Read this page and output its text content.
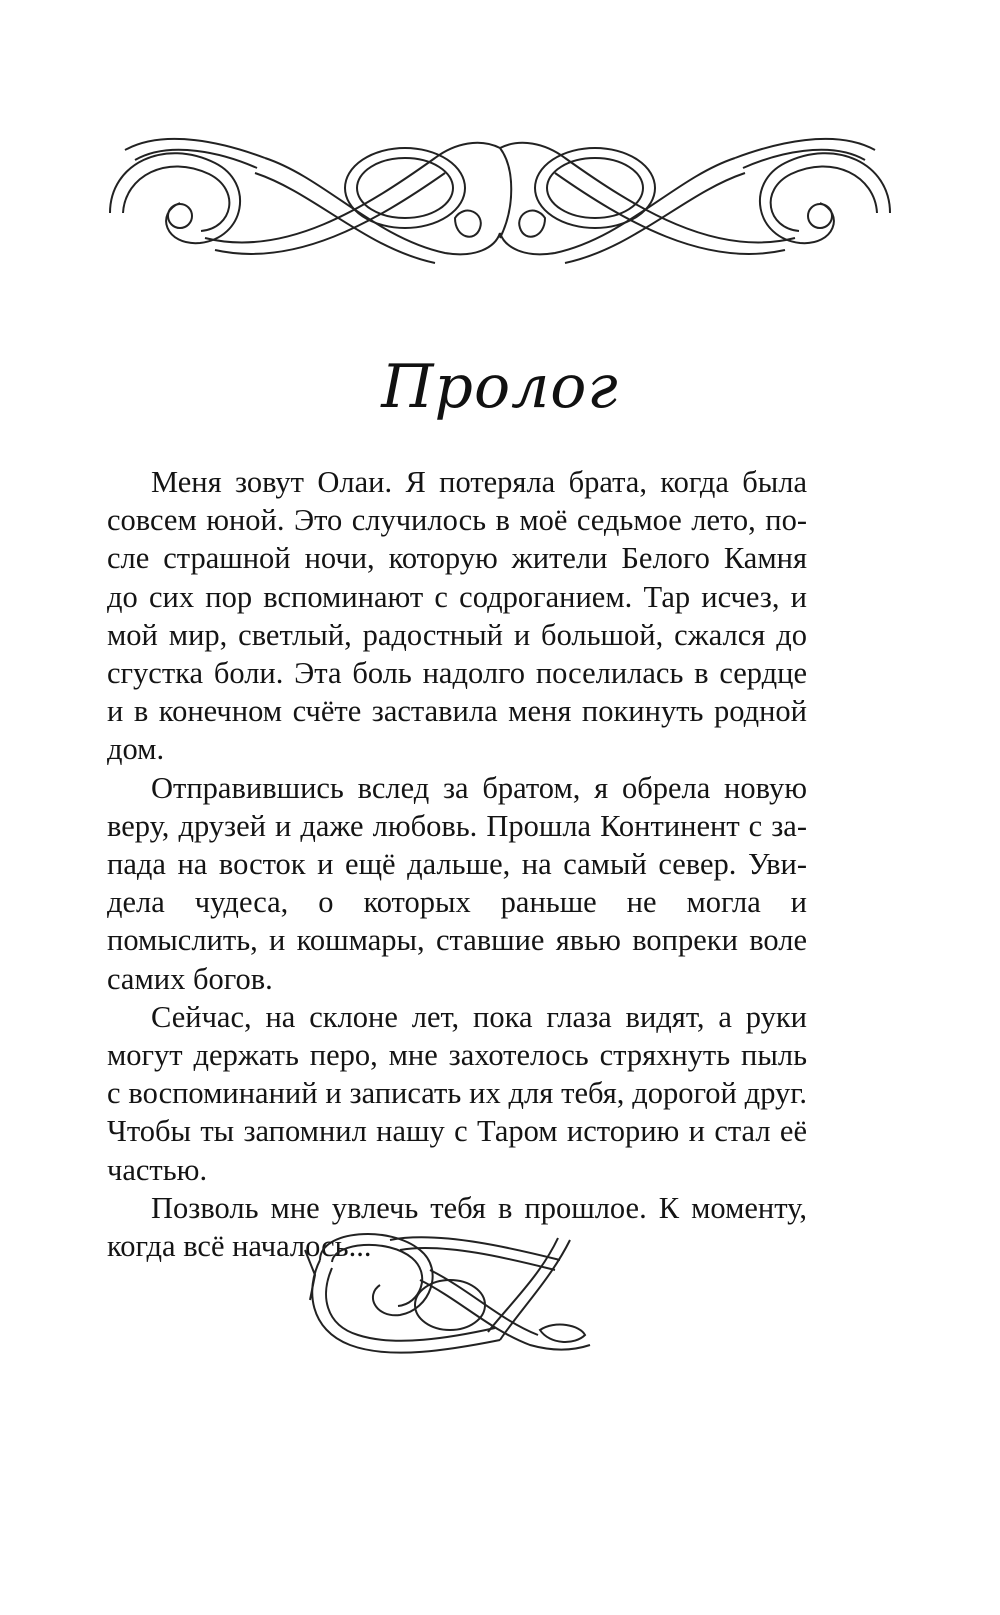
Пролог

Меня зовут Олаи. Я потеряла брата, когда была совсем юной. Это случилось в моё седьмое лето, после страшной ночи, которую жители Белого Камня до сих пор вспоминают с содроганием. Тар исчез, и мой мир, светлый, радостный и большой, сжался до сгустка боли. Эта боль надолго поселилась в сердце и в конечном счёте заставила меня покинуть родной дом.

Отправившись вслед за братом, я обрела новую веру, друзей и даже любовь. Прошла Континент с запада на восток и ещё дальше, на самый север. Увидела чудеса, о которых раньше не могла и помыслить, и кошмары, ставшие явью вопреки воле самих богов.

Сейчас, на склоне лет, пока глаза видят, а руки могут держать перо, мне захотелось стряхнуть пыль с воспоминаний и записать их для тебя, дорогой друг. Чтобы ты запомнил нашу с Таром историю и стал её частью.

Позволь мне увлечь тебя в прошлое. К моменту, когда всё началось...
